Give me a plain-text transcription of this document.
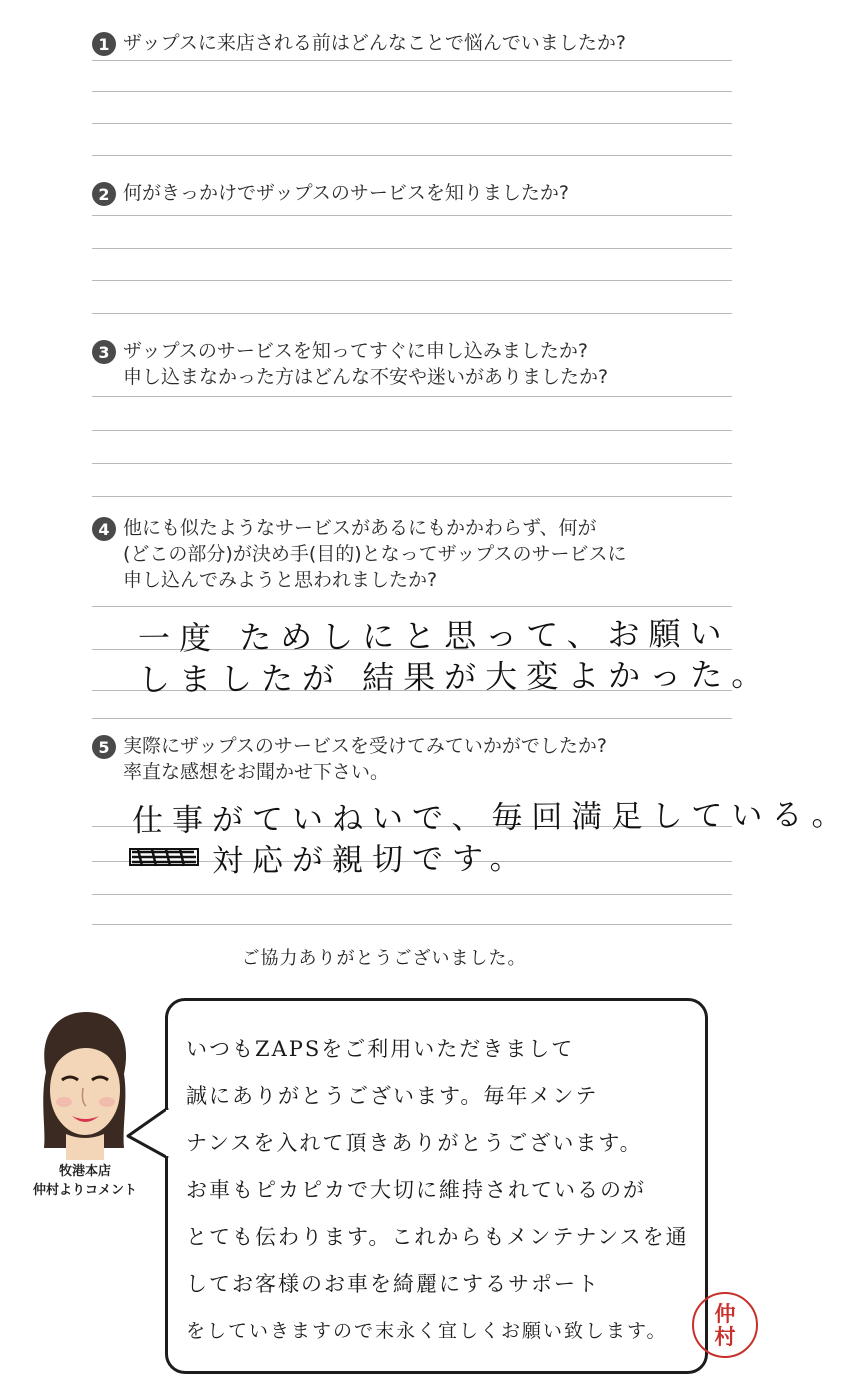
1 ザップスに来店される前はどんなことで悩んでいましたか?
2 何がきっかけでザップスのサービスを知りましたか?
3 ザップスのサービスを知ってすぐに申し込みましたか?
申し込まなかった方はどんな不安や迷いがありましたか?
4 他にも似たようなサービスがあるにもかかわらず、何が
(どこの部分)が決め手(目的)となってザップスのサービスに
申し込んでみようと思われましたか?
一度 ためしにと思って、お願い
しましたが 結果が大変よかった。
5 実際にザップスのサービスを受けてみていかがでしたか?
率直な感想をお聞かせ下さい。
仕事がていねいで、毎回満足している。
対応が親切です。
ご協力ありがとうございました。
牧港本店
仲村よりコメント
いつもZAPSをご利用いただきまして
誠にありがとうございます。毎年メンテ
ナンスを入れて頂きありがとうございます。
お車もピカピカで大切に維持されているのが
とても伝わります。これからもメンテナンスを通
してお客様のお車を綺麗にするサポート
をしていきますので末永く宜しくお願い致します。
仲
村
